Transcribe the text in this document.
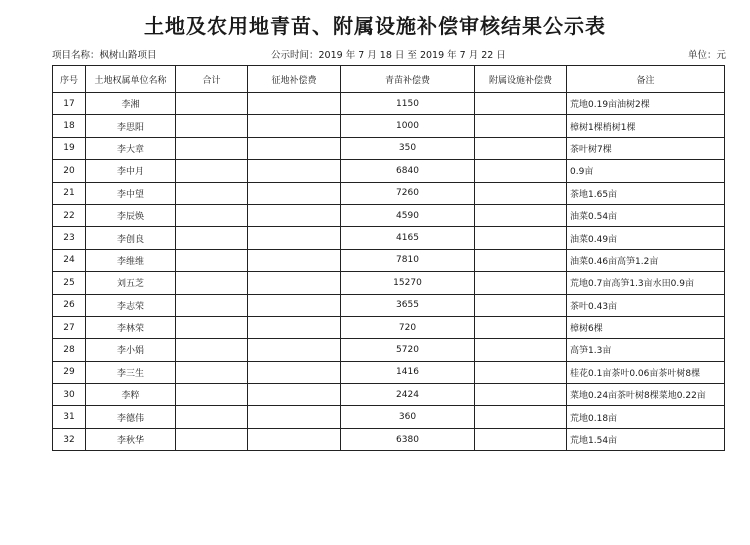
土地及农用地青苗、附属设施补偿审核结果公示表
项目名称：枫树山路项目	公示时间：2019 年 7 月 18 日 至 2019 年 7 月 22 日	单位：元
序号	土地权属单位名称	合计	征地补偿费	青苗补偿费	附属设施补偿费	备注
17	李湘			1150		荒地0.19亩油树2棵
18	李思阳			1000		樟树1棵梢树1棵
19	李大章			350		茶叶树7棵
20	李中月			6840		0.9亩
21	李中望			7260		茶地1.65亩
22	李辰焕			4590		油菜0.54亩
23	李创良			4165		油菜0.49亩
24	李维维			7810		油菜0.46亩高笋1.2亩
25	刘五芝			15270		荒地0.7亩高笋1.3亩水田0.9亩
26	李志荣			3655		茶叶0.43亩
27	李林荣			720		樟树6棵
28	李小娟			5720		高笋1.3亩
29	李三生			1416		桂花0.1亩茶叶0.06亩茶叶树8棵
30	李粹			2424		菜地0.24亩茶叶树8棵菜地0.22亩
31	李德伟			360		荒地0.18亩
32	李秋华			6380		荒地1.54亩
